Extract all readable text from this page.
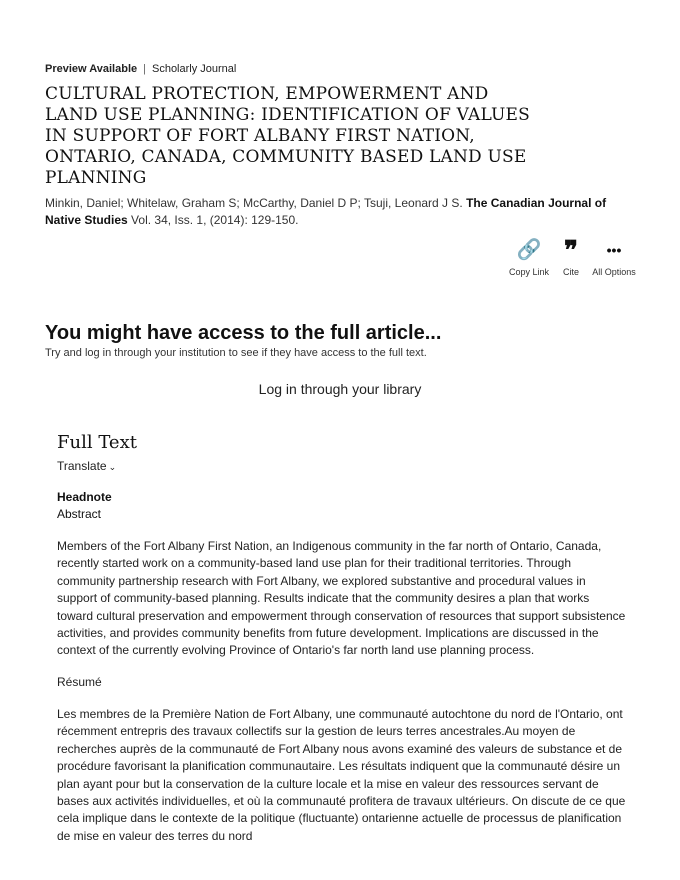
Preview Available | Scholarly Journal
CULTURAL PROTECTION, EMPOWERMENT AND LAND USE PLANNING: IDENTIFICATION OF VALUES IN SUPPORT OF FORT ALBANY FIRST NATION, ONTARIO, CANADA, COMMUNITY BASED LAND USE PLANNING
Minkin, Daniel; Whitelaw, Graham S; McCarthy, Daniel D P; Tsuji, Leonard J S. The Canadian Journal of Native Studies Vol. 34, Iss. 1, (2014): 129-150.
🔗
Copy Link
❞
Cite
•••
All Options
You might have access to the full article...
Try and log in through your institution to see if they have access to the full text.
Log in through your library
Full Text
Translate ⌄
Headnote
Abstract

Members of the Fort Albany First Nation, an Indigenous community in the far north of Ontario, Canada, recently started work on a community-based land use plan for their traditional territories. Through community partnership research with Fort Albany, we explored substantive and procedural values in support of community-based planning. Results indicate that the community desires a plan that works toward cultural preservation and empowerment through conservation of resources that support subsistence activities, and provides community benefits from future development. Implications are discussed in the context of the currently evolving Province of Ontario's far north land use planning process.

Résumé

Les membres de la Première Nation de Fort Albany, une communauté autochtone du nord de l'Ontario, ont récemment entrepris des travaux collectifs sur la gestion de leurs terres ancestrales.Au moyen de recherches auprès de la communauté de Fort Albany nous avons examiné des valeurs de substance et de procédure favorisant la planification communautaire. Les résultats indiquent que la communauté désire un plan ayant pour but la conservation de la culture locale et la mise en valeur des ressources servant de bases aux activités individuelles, et où la communauté profitera de travaux ultérieurs. On discute de ce que cela implique dans le contexte de la politique (fluctuante) ontarienne actuelle de processus de planification de mise en valeur des terres du nord
